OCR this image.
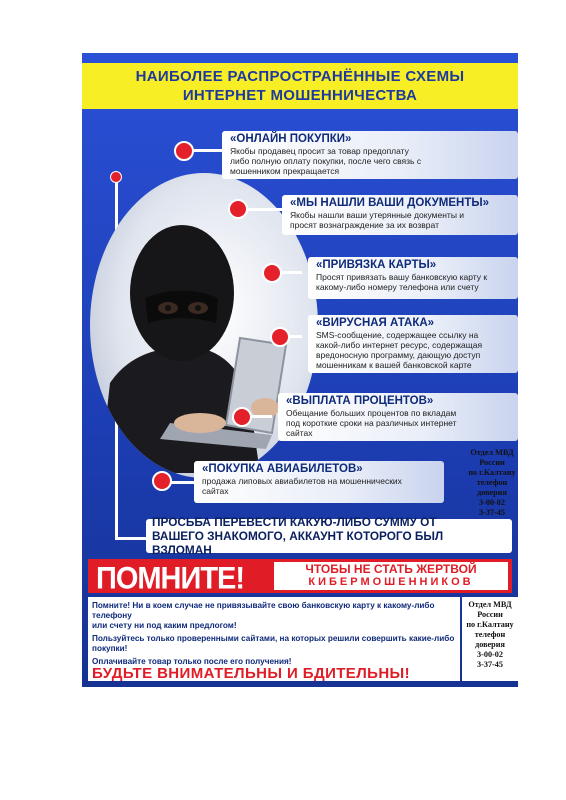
НАИБОЛЕЕ РАСПРОСТРАНЁННЫЕ СХЕМЫ
ИНТЕРНЕТ МОШЕННИЧЕСТВА
«ОНЛАЙН ПОКУПКИ»
Якобы продавец просит за товар предоплату либо полную оплату покупки, после чего связь с мошенником прекращается
«МЫ НАШЛИ ВАШИ ДОКУМЕНТЫ»
Якобы нашли ваши утерянные документы и просят вознаграждение за их возврат
«ПРИВЯЗКА КАРТЫ»
Просят привязать вашу банковскую карту к какому-либо номеру телефона или счету
«ВИРУСНАЯ АТАКА»
SMS-сообщение, содержащее ссылку на какой-либо интернет ресурс, содержащая вредоносную программу, дающую доступ мошенникам к вашей банковской карте
«ВЫПЛАТА ПРОЦЕНТОВ»
Обещание больших процентов по вкладам под короткие сроки на различных интернет сайтах
«ПОКУПКА АВИАБИЛЕТОВ»
продажа липовых авиабилетов на мошеннических сайтах
ПРОСЬБА ПЕРЕВЕСТИ КАКУЮ-ЛИБО СУММУ ОТ
ВАШЕГО ЗНАКОМОГО, АККАУНТ КОТОРОГО БЫЛ ВЗЛОМАН
ПОМНИТЕ!	ЧТОБЫ НЕ СТАТЬ ЖЕРТВОЙ
КИБЕРМОШЕННИКОВ

Помните! Ни в коем случае не привязывайте свою банковскую карту к какому-либо телефону

или счету ни под каким предлогом!

Пользуйтесь только проверенными сайтами, на которых решили совершить какие-либо покупки!

Оплачивайте товар только после его получения!

БУДЬТЕ ВНИМАТЕЛЬНЫ И БДИТЕЛЬНЫ!

Отдел МВД
России
по г.Калтану
телефон
доверия
3-00-02
3-37-45
Отдел МВД
России
по г.Калтану
телефон
доверия
3-00-02
3-37-45
